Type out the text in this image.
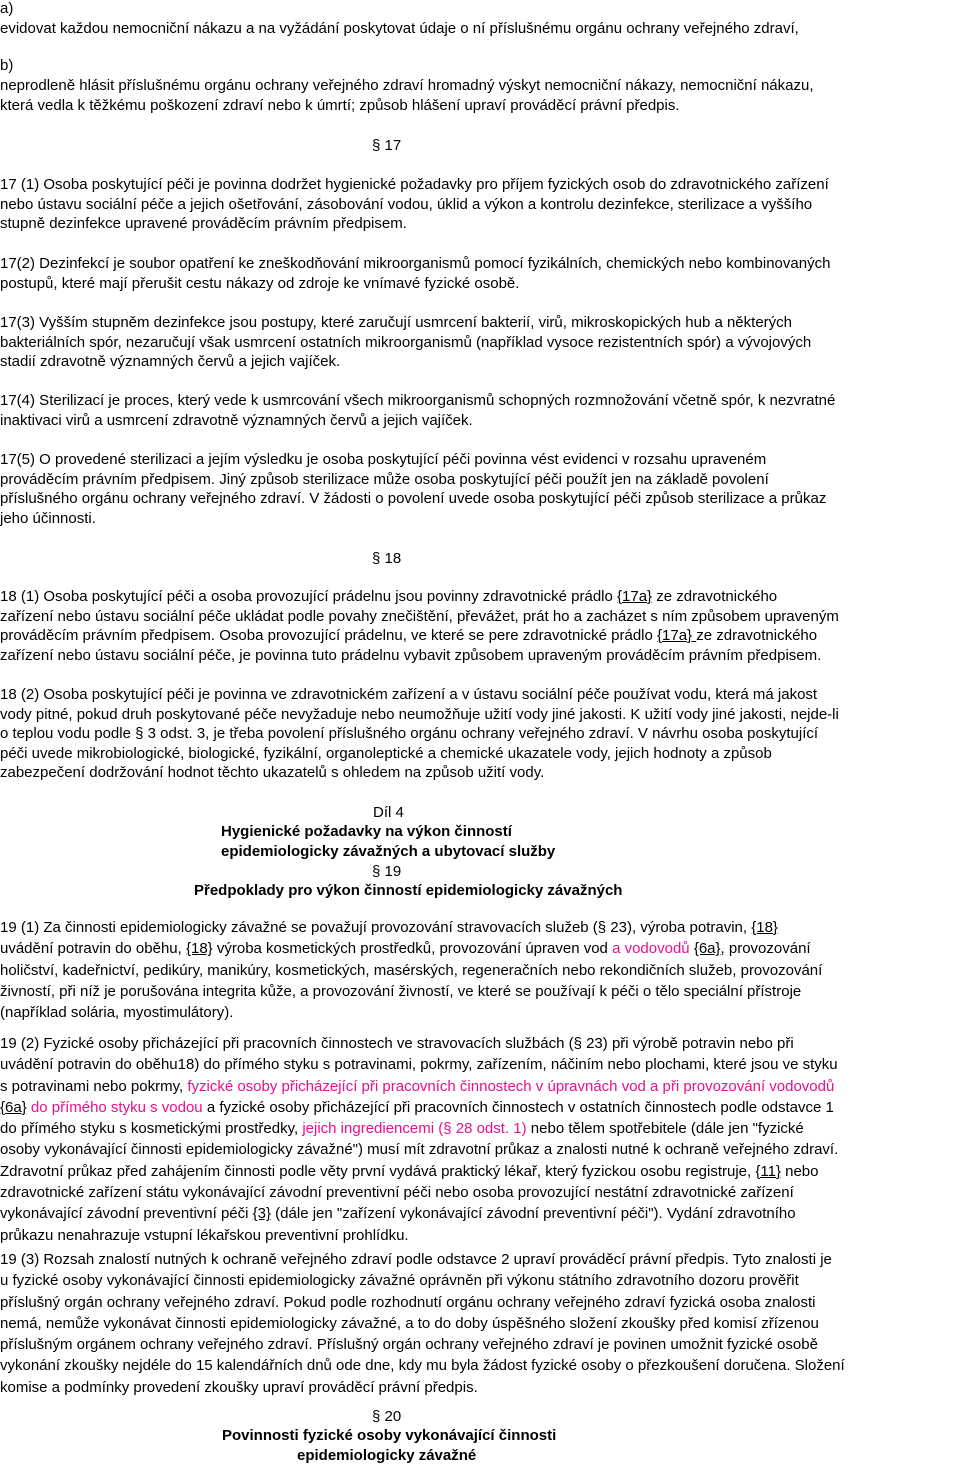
a)
evidovat každou nemocniční nákazu a na vyžádání poskytovat údaje o ní příslušnému orgánu ochrany veřejného zdraví,
b)
neprodleně hlásit příslušnému orgánu ochrany veřejného zdraví hromadný výskyt nemocniční nákazy, nemocniční nákazu,
která vedla k těžkému poškození zdraví nebo k úmrtí; způsob hlášení upraví prováděcí právní předpis.
§ 17

17 (1) Osoba poskytující péči je povinna dodržet hygienické požadavky pro příjem fyzických osob do zdravotnického zařízení
nebo ústavu sociální péče a jejich ošetřování, zásobování vodou, úklid a výkon a kontrolu dezinfekce, sterilizace a vyššího
stupně dezinfekce upravené prováděcím právním předpisem.

17(2) Dezinfekcí je soubor opatření ke zneškodňování mikroorganismů pomocí fyzikálních, chemických nebo kombinovaných
postupů, které mají přerušit cestu nákazy od zdroje ke vnímavé fyzické osobě.

17(3) Vyšším stupněm dezinfekce jsou postupy, které zaručují usmrcení bakterií, virů, mikroskopických hub a některých
bakteriálních spór, nezaručují však usmrcení ostatních mikroorganismů (například vysoce rezistentních spór) a vývojových
stadií zdravotně významných červů a jejich vajíček.

17(4) Sterilizací je proces, který vede k usmrcování všech mikroorganismů schopných rozmnožování včetně spór, k nezvratné
inaktivaci virů a usmrcení zdravotně významných červů a jejich vajíček.

17(5) O provedené sterilizaci a jejím výsledku je osoba poskytující péči povinna vést evidenci v rozsahu upraveném
prováděcím právním předpisem. Jiný způsob sterilizace může osoba poskytující péči použít jen na základě povolení
příslušného orgánu ochrany veřejného zdraví. V žádosti o povolení uvede osoba poskytující péči způsob sterilizace a průkaz
jeho účinnosti.

§ 18

18 (1) Osoba poskytující péči a osoba provozující prádelnu jsou povinny zdravotnické prádlo {17a} ze zdravotnického
zařízení nebo ústavu sociální péče ukládat podle povahy znečištění, převážet, prát ho a zacházet s ním způsobem upraveným
prováděcím právním předpisem. Osoba provozující prádelnu, ve které se pere zdravotnické prádlo {17a} ze zdravotnického
zařízení nebo ústavu sociální péče, je povinna tuto prádelnu vybavit způsobem upraveným prováděcím právním předpisem.

18 (2) Osoba poskytující péči je povinna ve zdravotnickém zařízení a v ústavu sociální péče používat vodu, která má jakost
vody pitné, pokud druh poskytované péče nevyžaduje nebo neumožňuje užití vody jiné jakosti. K užití vody jiné jakosti, nejde-li
o teplou vodu podle § 3 odst. 3, je třeba povolení příslušného orgánu ochrany veřejného zdraví. V návrhu osoba poskytující
péči uvede mikrobiologické, biologické, fyzikální, organoleptické a chemické ukazatele vody, jejich hodnoty a způsob
zabezpečení dodržování hodnot těchto ukazatelů s ohledem na způsob užití vody.

Díl 4
Hygienické požadavky na výkon činností
epidemiologicky závažných a ubytovací služby
§ 19
Předpoklady pro výkon činností epidemiologicky závažných

19 (1) Za činnosti epidemiologicky závažné se považují provozování stravovacích služeb (§ 23), výroba potravin, {18}
uvádění potravin do oběhu, {18} výroba kosmetických prostředků, provozování úpraven vod a vodovodů {6a}, provozování
holičství, kadeřnictví, pedikúry, manikúry, kosmetických, masérských, regeneračních nebo rekondičních služeb, provozování
živností, při níž je porušována integrita kůže, a provozování živností, ve které se používají k péči o tělo speciální přístroje
(například solária, myostimulátory).

19 (2) Fyzické osoby přicházející při pracovních činnostech ve stravovacích službách (§ 23) při výrobě potravin nebo při
uvádění potravin do oběhu18) do přímého styku s potravinami, pokrmy, zařízením, náčiním nebo plochami, které jsou ve styku
s potravinami nebo pokrmy, fyzické osoby přicházející při pracovních činnostech v úpravnách vod a při provozování vodovodů
{6a} do přímého styku s vodou a fyzické osoby přicházející při pracovních činnostech v ostatních činnostech podle odstavce 1
do přímého styku s kosmetickými prostředky, jejich ingrediencemi (§ 28 odst. 1) nebo tělem spotřebitele (dále jen "fyzické
osoby vykonávající činnosti epidemiologicky závažné") musí mít zdravotní průkaz a znalosti nutné k ochraně veřejného zdraví.
Zdravotní průkaz před zahájením činnosti podle věty první vydává praktický lékař, který fyzickou osobu registruje, {11} nebo
zdravotnické zařízení státu vykonávající závodní preventivní péči nebo osoba provozující nestátní zdravotnické zařízení
vykonávající závodní preventivní péči {3} (dále jen "zařízení vykonávající závodní preventivní péči"). Vydání zdravotního
průkazu nenahrazuje vstupní lékařskou preventivní prohlídku.

19 (3) Rozsah znalostí nutných k ochraně veřejného zdraví podle odstavce 2 upraví prováděcí právní předpis. Tyto znalosti je
u fyzické osoby vykonávající činnosti epidemiologicky závažné oprávněn při výkonu státního zdravotního dozoru prověřit
příslušný orgán ochrany veřejného zdraví. Pokud podle rozhodnutí orgánu ochrany veřejného zdraví fyzická osoba znalosti
nemá, nemůže vykonávat činnosti epidemiologicky závažné, a to do doby úspěšného složení zkoušky před komisí zřízenou
příslušným orgánem ochrany veřejného zdraví. Příslušný orgán ochrany veřejného zdraví je povinen umožnit fyzické osobě
vykonání zkoušky nejdéle do 15 kalendářních dnů ode dne, kdy mu byla žádost fyzické osoby o přezkoušení doručena. Složení
komise a podmínky provedení zkoušky upraví prováděcí právní předpis.

§ 20
Povinnosti fyzické osoby vykonávající činnosti
epidemiologicky závažné
